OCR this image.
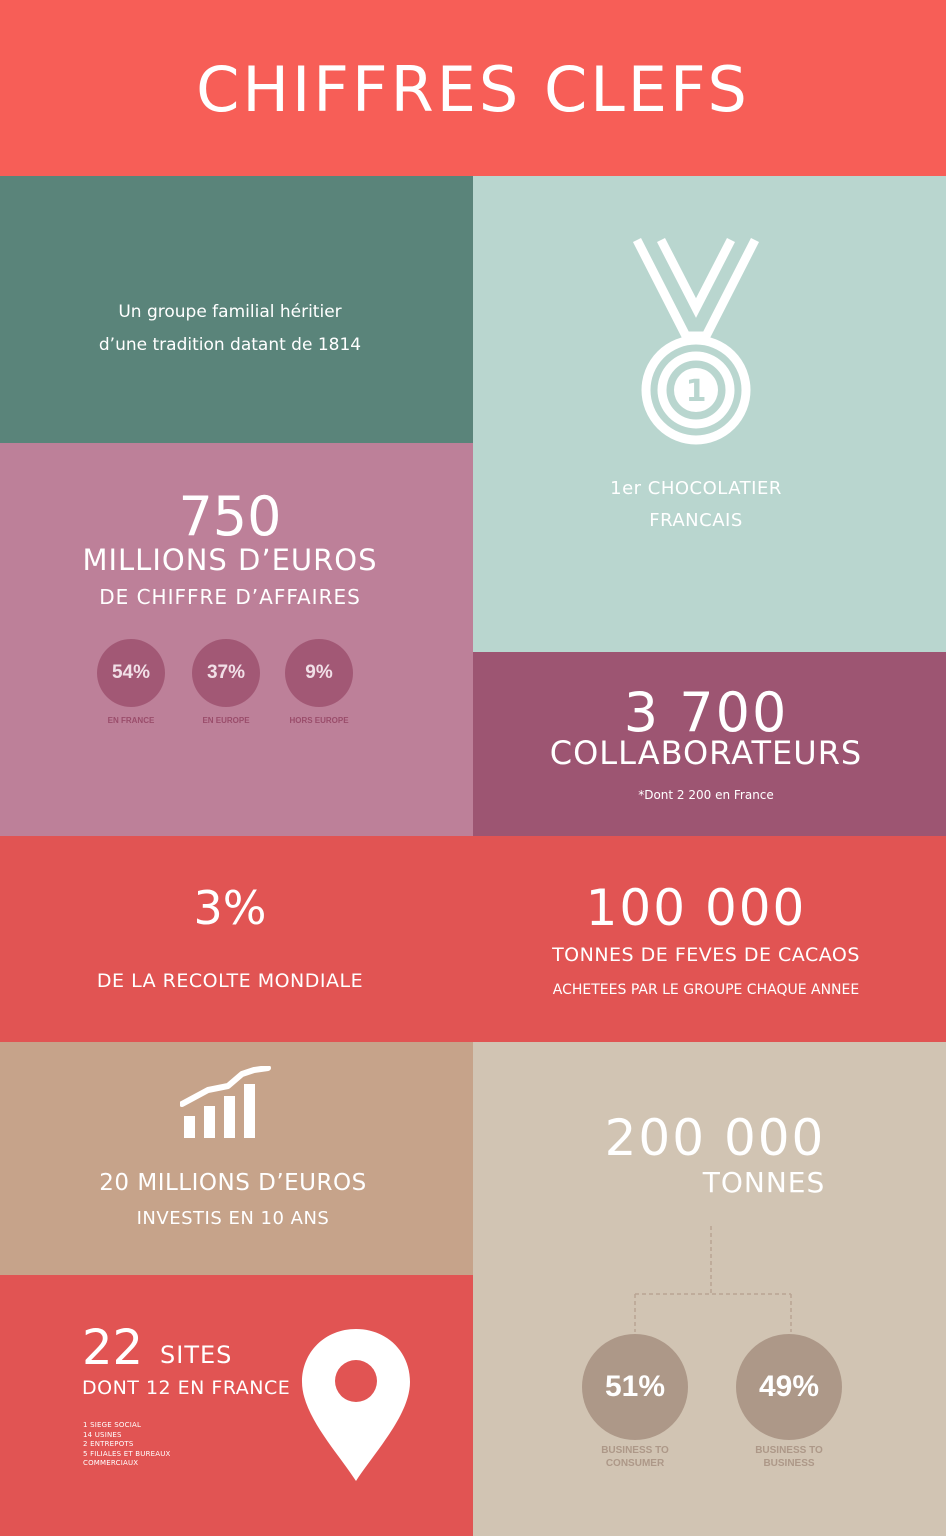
CHIFFRES CLEFS
Un groupe familial héritier
d’une tradition datant de 1814
1
1er CHOCOLATIER
FRANCAIS
750
MILLIONS D’EUROS
DE CHIFFRE D’AFFAIRES
54%
EN FRANCE
37%
EN EUROPE
9%
HORS EUROPE	3 700
COLLABORATEURS
*Dont 2 200 en France
3%
DE LA RECOLTE MONDIALE
100 000
TONNES DE FEVES DE CACAOS
ACHETEES PAR LE GROUPE CHAQUE ANNEE
20 MILLIONS D’EUROS
INVESTIS EN 10 ANS
200 000
TONNES
51%
BUSINESS TO
CONSUMER
49%
BUSINESS TO
BUSINESS
22 SITES
DONT 12 EN FRANCE
1 SIEGE SOCIAL
14 USINES
2 ENTREPOTS
5 FILIALES ET BUREAUX
COMMERCIAUX
